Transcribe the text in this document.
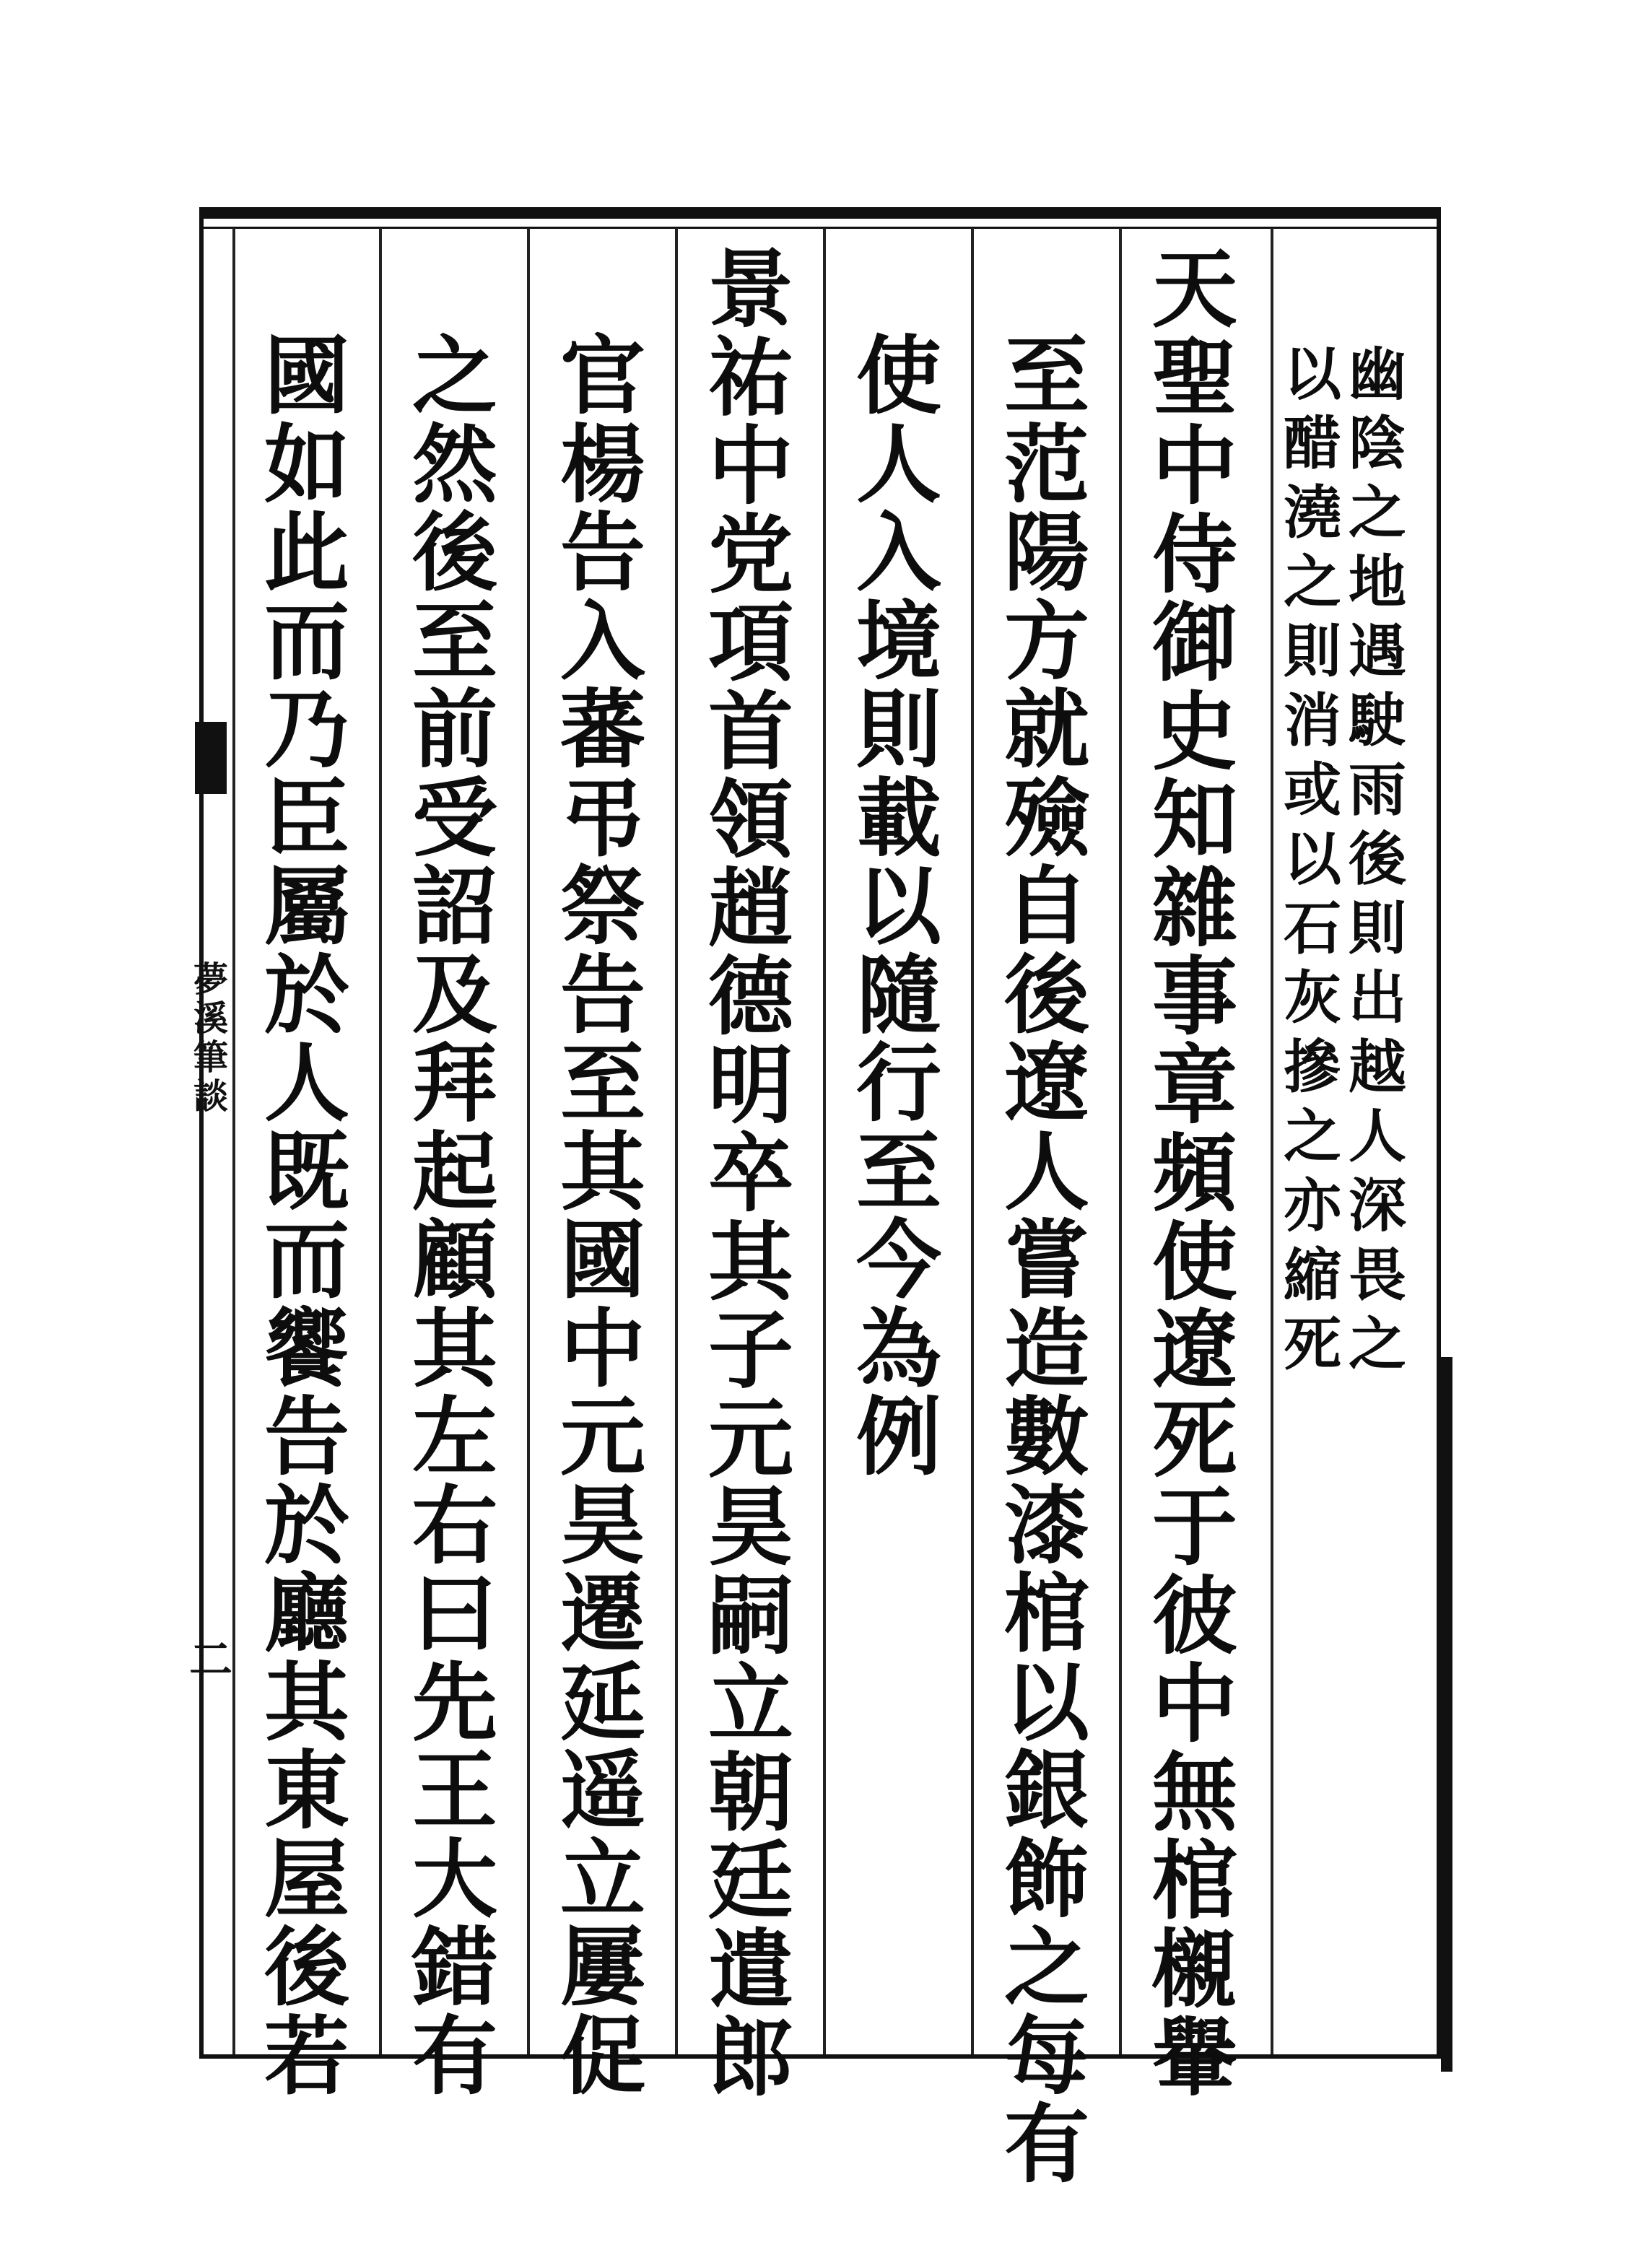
夢溪筆談
二
幽陰之地遇駛雨後則出越人深畏之
以醋澆之則消或以石灰摻之亦縮死
天聖中侍御史知雜事章頻使遼死于彼中無棺櫬轝
至范陽方就殮自後遼人嘗造數漆棺以銀飾之每有
使人入境則載以隨行至今為例
景祐中党項首領趙德明卒其子元昊嗣立朝廷遣郎
官楊告入蕃弔祭告至其國中元昊遷延遥立屢促
之然後至前受詔及拜起顧其左右曰先王大錯有
國如此而乃臣屬於人既而饗告於廳其東屋後若
